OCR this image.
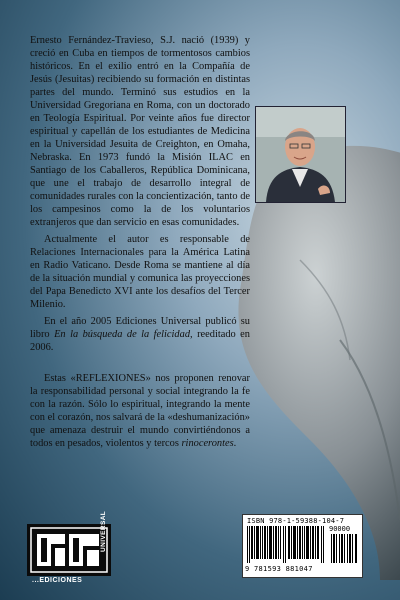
Ernesto Fernández-Travieso, S.J. nació (1939) y creció en Cuba en tiempos de tormentosos cambios históricos. En el exilio entró en la Compañía de Jesús (Jesuitas) recibiendo su formación en distintas partes del mundo. Terminó sus estudios en la Universidad Gregoriana en Roma, con un doctorado en Teología Espiritual. Por veinte años fue director espiritual y capellán de los estudiantes de Medicina en la Universidad Jesuita de Creighton, en Omaha, Nebraska. En 1973 fundó la Misión ILAC en Santiago de los Caballeros, República Dominicana, que une el trabajo de desarrollo integral de comunidades rurales con la concientización, tanto de los campesinos como la de los voluntarios extranjeros que dan servicio en esas comunidades.

Actualmente el autor es responsable de Relaciones Internacionales para la América Latina en Radio Vaticano. Desde Roma se mantiene al día de la situación mundial y comunica las proyecciones del Papa Benedicto XVI ante los desafíos del Tercer Milenio.

En el año 2005 Ediciones Universal publicó su libro En la búsqueda de la felicidad, reeditado en 2006.

Estas «REFLEXIONES» nos proponen renovar la responsabilidad personal y social integrando la fe con la razón. Sólo lo espiritual, integrando la mente con el corazón, nos salvará de la «deshumanización» que amenaza destruir el mundo convirtiéndonos a todos en pesados, violentos y tercos rinocerontes.

ISBN 978-1-59388-104-7
90000
9 781593 881047
...EDICIONES
UNIVERSAL
